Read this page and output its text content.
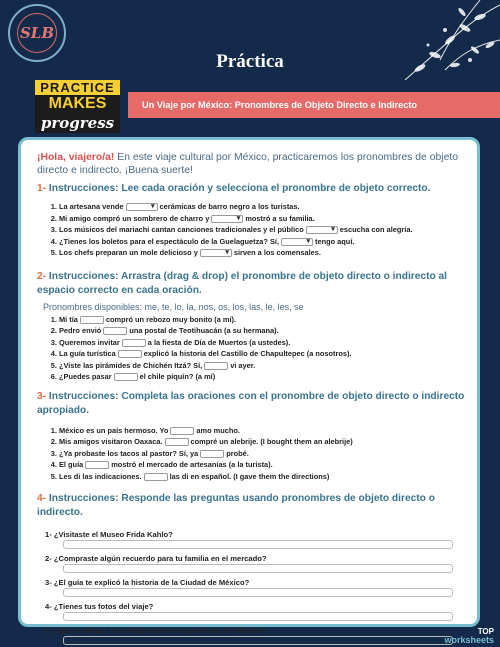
SLB
Práctica
PRACTICE
MAKES
progress
Un Viaje por México: Pronombres de Objeto Directo e Indirecto

¡Hola, viajero/a! En este viaje cultural por México, practicaremos los pronombres de objeto directo e indirecto. ¡Buena suerte!

1- Instrucciones: Lee cada oración y selecciona el pronombre de objeto correcto.

1. La artesana vende ▾	cerámicas de barro negro a los turistas.
2. Mi amigo compró un sombrero de charro y ▾	mostró a su familia.
3. Los músicos del mariachi cantan canciones tradicionales y el público ▾	escucha con alegría.
4. ¿Tienes los boletos para el espectáculo de la Guelaguetza? Sí, ▾	tengo aquí.
5. Los chefs preparan un mole delicioso y ▾	sirven a los comensales.

2- Instrucciones: Arrastra (drag & drop) el pronombre de objeto directo o indirecto al espacio correcto en cada oración.

Pronombres disponibles: me, te, lo, la, nos, os, los, las, le, les, se
1. Mi tía	compró un rebozo muy bonito (a mí).
2. Pedro envió	una postal de Teotihuacán (a su hermana).
3. Queremos invitar	a la fiesta de Día de Muertos (a ustedes).
4. La guía turística	explicó la historia del Castillo de Chapultepec (a nosotros).
5. ¿Viste las pirámides de Chichén Itzá? Sí,	vi ayer.
6. ¿Puedes pasar	el chile piquín? (a mí)

3- Instrucciones: Completa las oraciones con el pronombre de objeto directo o indirecto apropiado.

1. México es un país hermoso. Yo	amo mucho.
2. Mis amigos visitaron Oaxaca.	compré un alebrije. (I bought them an alebrije)
3. ¿Ya probaste los tacos al pastor? Sí, ya	probé.
4. El guía	mostró el mercado de artesanías (a la turista).
5. Les di las indicaciones.	las di en español. (I gave them the directions)

4- Instrucciones: Responde las preguntas usando pronombres de objeto directo o indirecto.

1- ¿Visitaste el Museo Frida Kahlo?
2- ¿Compraste algún recuerdo para tu familia en el mercado?
3- ¿El guía te explicó la historia de la Ciudad de México?
4- ¿Tienes tus fotos del viaje?
5- ¿Qué le dirías a un amigo sobre tu experiencia en México?	TOP
worksheets
